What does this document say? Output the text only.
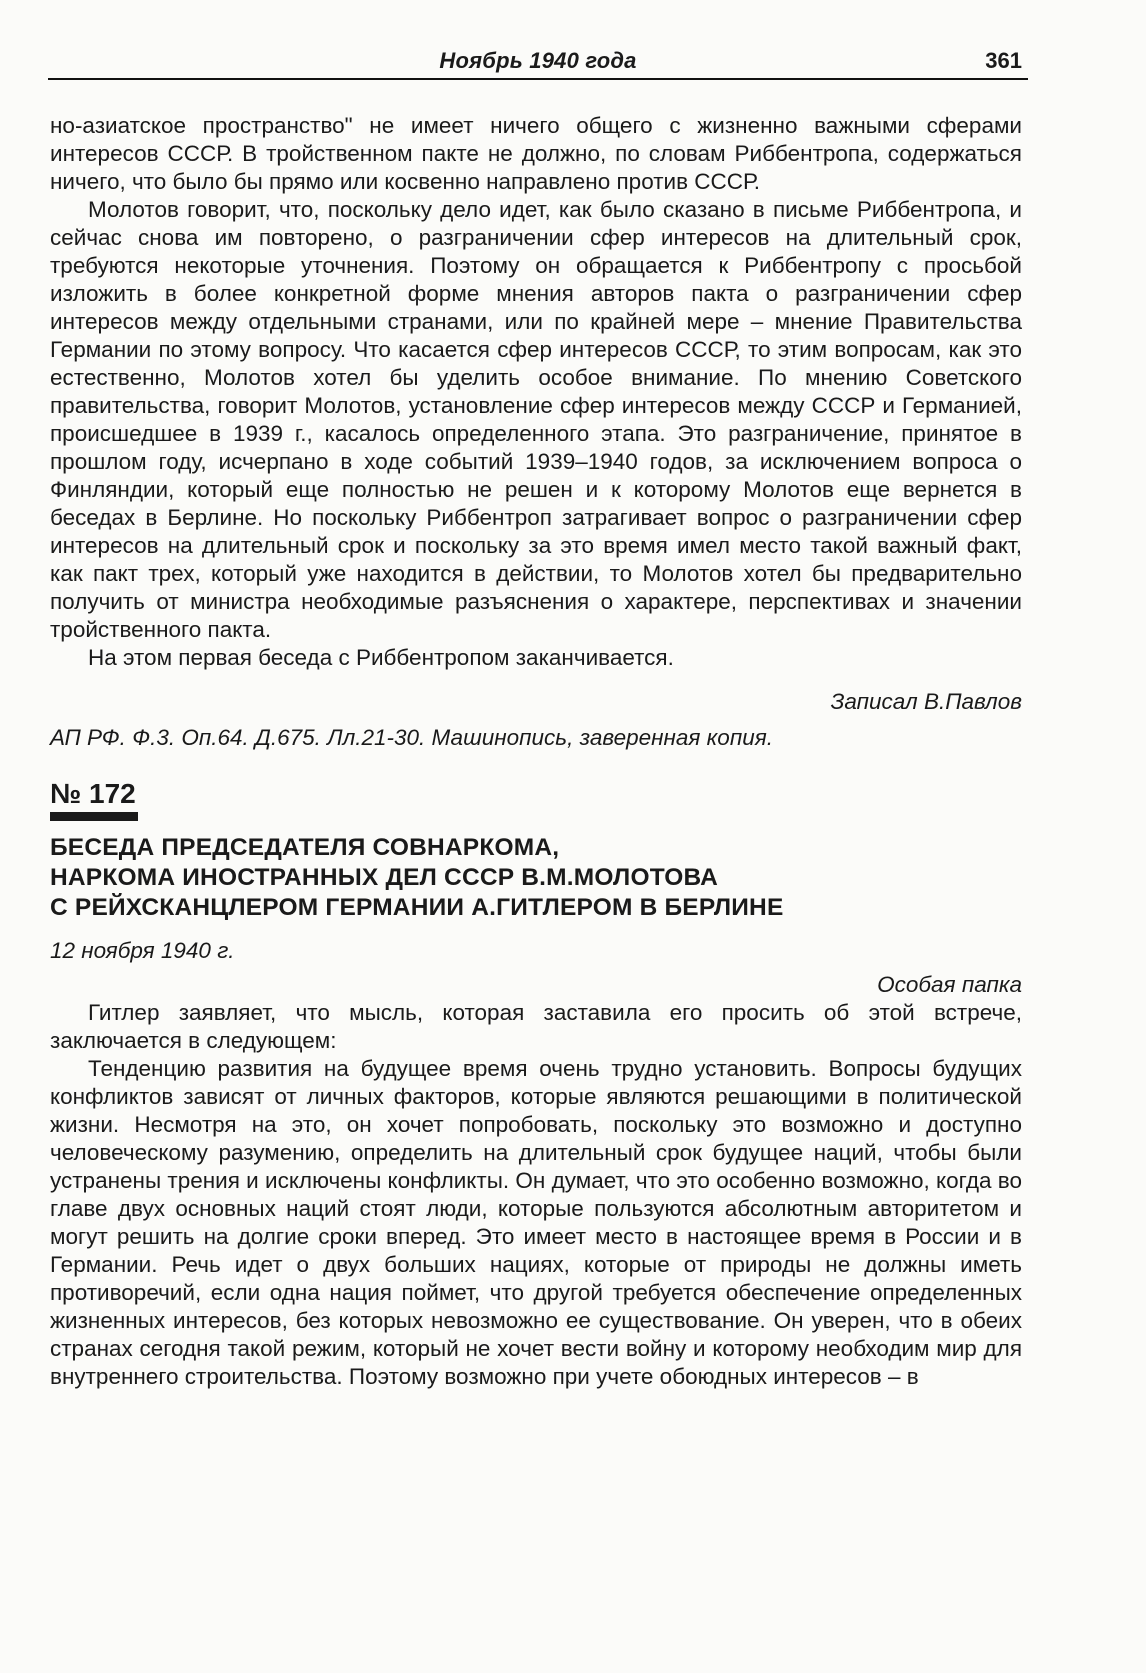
Ноябрь 1940 года	361

но-азиатское пространство" не имеет ничего общего с жизненно важными сферами интересов СССР. В тройственном пакте не должно, по словам Риббентропа, содержаться ничего, что было бы прямо или косвенно направлено против СССР.

Молотов говорит, что, поскольку дело идет, как было сказано в письме Риббентропа, и сейчас снова им повторено, о разграничении сфер интересов на длительный срок, требуются некоторые уточнения. Поэтому он обращается к Риббентропу с просьбой изложить в более конкретной форме мнения авторов пакта о разграничении сфер интересов между отдельными странами, или по крайней мере – мнение Правительства Германии по этому вопросу. Что касается сфер интересов СССР, то этим вопросам, как это естественно, Молотов хотел бы уделить особое внимание. По мнению Советского правительства, говорит Молотов, установление сфер интересов между СССР и Германией, происшедшее в 1939 г., касалось определенного этапа. Это разграничение, принятое в прошлом году, исчерпано в ходе событий 1939–1940 годов, за исключением вопроса о Финляндии, который еще полностью не решен и к которому Молотов еще вернется в беседах в Берлине. Но поскольку Риббентроп затрагивает вопрос о разграничении сфер интересов на длительный срок и поскольку за это время имел место такой важный факт, как пакт трех, который уже находится в действии, то Молотов хотел бы предварительно получить от министра необходимые разъяснения о характере, перспективах и значении тройственного пакта.

На этом первая беседа с Риббентропом заканчивается.

Записал В.Павлов
АП РФ. Ф.3. Оп.64. Д.675. Лл.21-30. Машинопись, заверенная копия.
№ 172
БЕСЕДА ПРЕДСЕДАТЕЛЯ СОВНАРКОМА,
НАРКОМА ИНОСТРАННЫХ ДЕЛ СССР В.М.МОЛОТОВА
С РЕЙХСКАНЦЛЕРОМ ГЕРМАНИИ А.ГИТЛЕРОМ В БЕРЛИНЕ
12 ноября 1940 г.
Особая папка

Гитлер заявляет, что мысль, которая заставила его просить об этой встрече, заключается в следующем:

Тенденцию развития на будущее время очень трудно установить. Вопросы будущих конфликтов зависят от личных факторов, которые являются решающими в политической жизни. Несмотря на это, он хочет попробовать, поскольку это возможно и доступно человеческому разумению, определить на длительный срок будущее наций, чтобы были устранены трения и исключены конфликты. Он думает, что это особенно возможно, когда во главе двух основных наций стоят люди, которые пользуются абсолютным авторитетом и могут решить на долгие сроки вперед. Это имеет место в настоящее время в России и в Германии. Речь идет о двух больших нациях, которые от природы не должны иметь противоречий, если одна нация поймет, что другой требуется обеспечение определенных жизненных интересов, без которых невозможно ее существование. Он уверен, что в обеих странах сегодня такой режим, который не хочет вести войну и которому необходим мир для внутреннего строительства. Поэтому возможно при учете обоюдных интересов – в
